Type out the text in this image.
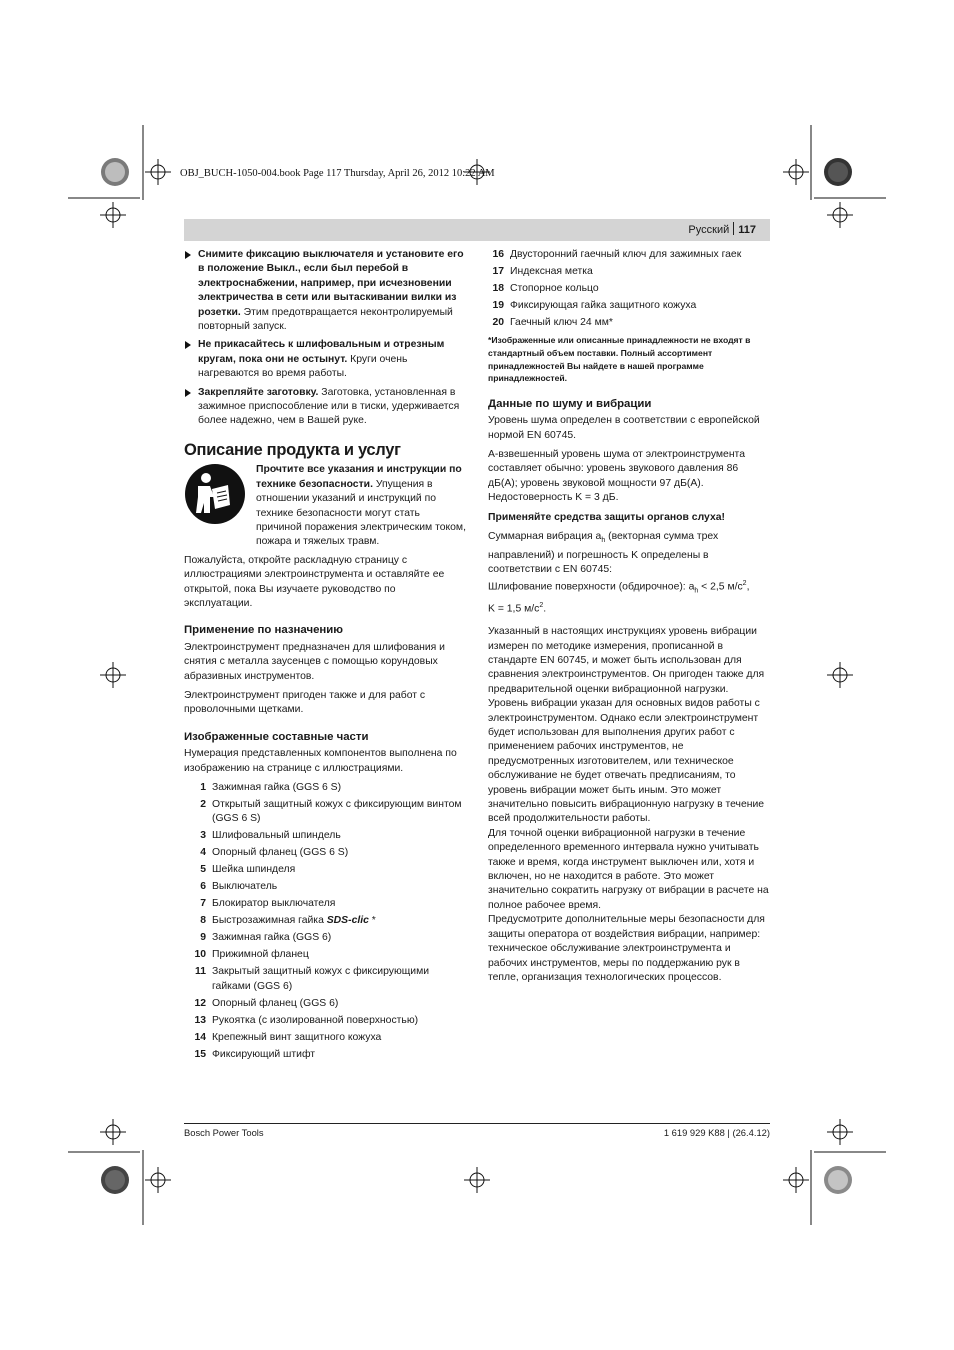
OBJ_BUCH-1050-004.book Page 117 Thursday, April 26, 2012 10:22 AM
Русский 117
Снимите фиксацию выключателя и установите его в положение Выкл., если был перебой в электроснабжении, например, при исчезновении электричества в сети или вытаскивании вилки из розетки. Этим предотвращается неконтролируемый повторный запуск.
Не прикасайтесь к шлифовальным и отрезным кругам, пока они не остынут. Круги очень нагреваются во время работы.
Закрепляйте заготовку. Заготовка, установленная в зажимное приспособление или в тиски, удерживается более надежно, чем в Вашей руке.
Описание продукта и услуг
Прочтите все указания и инструкции по технике безопасности. Упущения в отношении указаний и инструкций по технике безопасности могут стать причиной поражения электрическим током, пожара и тяжелых травм.

Пожалуйста, откройте раскладную страницу с иллюстрациями электроинструмента и оставляйте ее открытой, пока Вы изучаете руководство по эксплуатации.

Применение по назначению

Электроинструмент предназначен для шлифования и снятия с металла заусенцев с помощью корундовых абразивных инструментов.

Электроинструмент пригоден также и для работ с проволочными щетками.

Изображенные составные части

Нумерация представленных компонентов выполнена по изображению на странице с иллюстрациями.

1 Зажимная гайка (GGS 6 S)
2 Открытый защитный кожух с фиксирующим винтом (GGS 6 S)
3 Шлифовальный шпиндель
4 Опорный фланец (GGS 6 S)
5 Шейка шпинделя
6 Выключатель
7 Блокиратор выключателя
8 Быстрозажимная гайка SDS-clic *
9 Зажимная гайка (GGS 6)
10 Прижимной фланец
11 Закрытый защитный кожух с фиксирующими гайками (GGS 6)
12 Опорный фланец (GGS 6)
13 Рукоятка (с изолированной поверхностью)
14 Крепежный винт защитного кожуха
15 Фиксирующий штифт
16 Двусторонний гаечный ключ для зажимных гаек
17 Индексная метка
18 Стопорное кольцо
19 Фиксирующая гайка защитного кожуха
20 Гаечный ключ 24 мм*
*Изображенные или описанные принадлежности не входят в стандартный объем поставки. Полный ассортимент принадлежностей Вы найдете в нашей программе принадлежностей.
Данные по шуму и вибрации

Уровень шума определен в соответствии с европейской нормой EN 60745.

A-взвешенный уровень шума от электроинструмента составляет обычно: уровень звукового давления 86 дБ(A); уровень звуковой мощности 97 дБ(A). Недостоверность K = 3 дБ.

Применяйте средства защиты органов слуха!

Суммарная вибрация $a_h$ (векторная сумма трех направлений) и погрешность K определены в соответствии с EN 60745:

Шлифование поверхности (обдирочное): $a_h < 2,5$ $м/с^2$,

K = 1,5 $м/с^2$.

Указанный в настоящих инструкциях уровень вибрации измерен по методике измерения, прописанной в стандарте EN 60745, и может быть использован для сравнения электроинструментов. Он пригоден также для предварительной оценки вибрационной нагрузки.

Уровень вибрации указан для основных видов работы с электроинструментом. Однако если электроинструмент будет использован для выполнения других работ с применением рабочих инструментов, не предусмотренных изготовителем, или техническое обслуживание не будет отвечать предписаниям, то уровень вибрации может быть иным. Это может значительно повысить вибрационную нагрузку в течение всей продолжительности работы.

Для точной оценки вибрационной нагрузки в течение определенного временного интервала нужно учитывать также и время, когда инструмент выключен или, хотя и включен, но не находится в работе. Это может значительно сократить нагрузку от вибрации в расчете на полное рабочее время.

Предусмотрите дополнительные меры безопасности для защиты оператора от воздействия вибрации, например: техническое обслуживание электроинструмента и рабочих инструментов, меры по поддержанию рук в тепле, организация технологических процессов.

Bosch Power Tools	1 619 929 K88 | (26.4.12)
